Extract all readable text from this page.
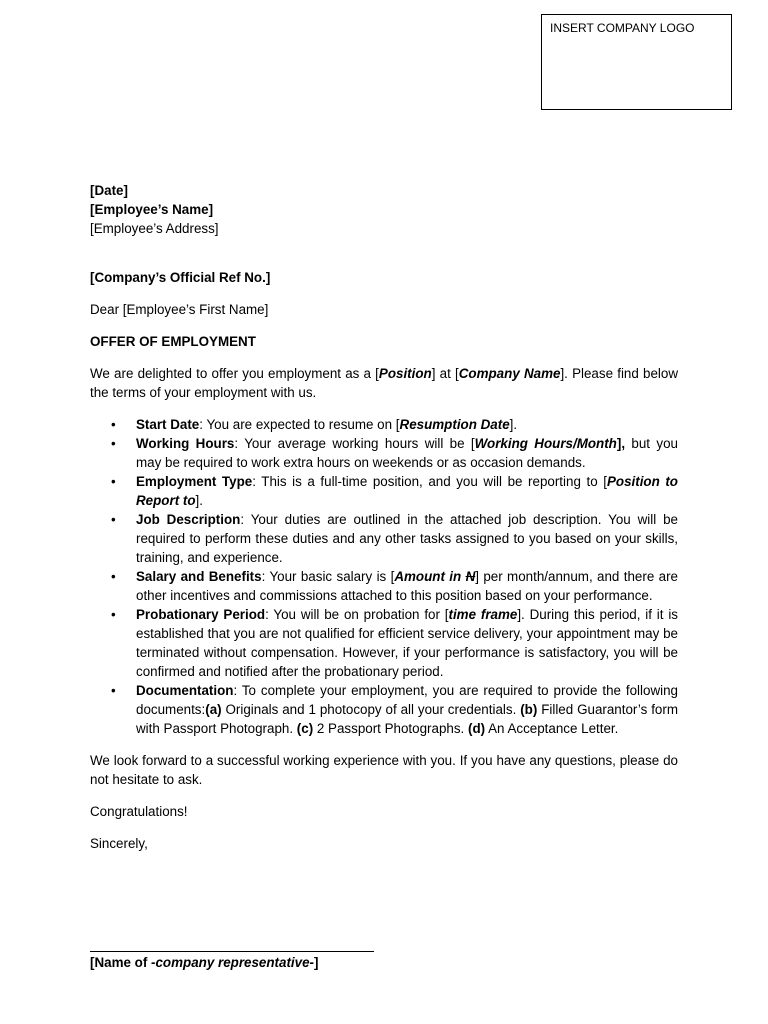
INSERT COMPANY LOGO
[Date]
[Employee’s Name]
[Employee’s Address]
[Company’s Official Ref No.]
Dear [Employee’s First Name]
OFFER OF EMPLOYMENT

We are delighted to offer you employment as a [Position] at [Company Name]. Please find below the terms of your employment with us.

• Start Date: You are expected to resume on [Resumption Date].
• Working Hours: Your average working hours will be [Working Hours/Month], but you may be required to work extra hours on weekends or as occasion demands.
• Employment Type: This is a full-time position, and you will be reporting to [Position to Report to].
• Job Description: Your duties are outlined in the attached job description. You will be required to perform these duties and any other tasks assigned to you based on your skills, training, and experience.
• Salary and Benefits: Your basic salary is [Amount in N] per month/annum, and there are other incentives and commissions attached to this position based on your performance.
• Probationary Period: You will be on probation for [time frame]. During this period, if it is established that you are not qualified for efficient service delivery, your appointment may be terminated without compensation. However, if your performance is satisfactory, you will be confirmed and notified after the probationary period.
• Documentation: To complete your employment, you are required to provide the following documents:(a) Originals and 1 photocopy of all your credentials. (b) Filled Guarantor’s form with Passport Photograph. (c) 2 Passport Photographs. (d) An Acceptance Letter.

We look forward to a successful working experience with you. If you have any questions, please do not hesitate to ask.

Congratulations!
Sincerely,
[Name of -company representative-]
